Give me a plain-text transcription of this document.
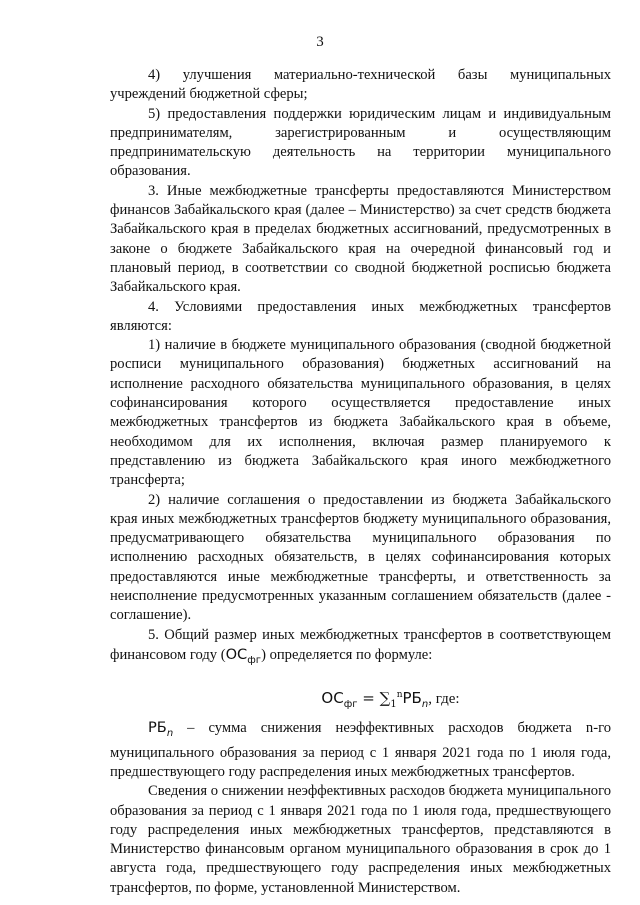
3

4) улучшения материально-технической базы муниципальных учреждений бюджетной сферы;

5) предоставления поддержки юридическим лицам и индивидуальным предпринимателям, зарегистрированным и осуществляющим предпринимательскую деятельность на территории муниципального образования.

3. Иные межбюджетные трансферты предоставляются Министерством финансов Забайкальского края (далее – Министерство) за счет средств бюджета Забайкальского края в пределах бюджетных ассигнований, предусмотренных в законе о бюджете Забайкальского края на очередной финансовый год и плановый период, в соответствии со сводной бюджетной росписью бюджета Забайкальского края.

4. Условиями предоставления иных межбюджетных трансфертов являются:

1) наличие в бюджете муниципального образования (сводной бюджетной росписи муниципального образования) бюджетных ассигнований на исполнение расходного обязательства муниципального образования, в целях софинансирования которого осуществляется предоставление иных межбюджетных трансфертов из бюджета Забайкальского края в объеме, необходимом для их исполнения, включая размер планируемого к представлению из бюджета Забайкальского края иного межбюджетного трансферта;

2) наличие соглашения о предоставлении из бюджета Забайкальского края иных межбюджетных трансфертов бюджету муниципального образования, предусматривающего обязательства муниципального образования по исполнению расходных обязательств, в целях софинансирования которых предоставляются иные межбюджетные трансферты, и ответственность за неисполнение предусмотренных указанным соглашением обязательств (далее - соглашение).

5. Общий размер иных межбюджетных трансфертов в соответствующем финансовом году $(ОС_{фг})$ определяется по формуле:

$ОС_{фг} = \sum_1^nРБ_n$, где:

$РБ_n$ – сумма снижения неэффективных расходов бюджета n-го муниципального образования за период с 1 января 2021 года по 1 июля года, предшествующего году распределения иных межбюджетных трансфертов.

Сведения о снижении неэффективных расходов бюджета муниципального образования за период с 1 января 2021 года по 1 июля года, предшествующего году распределения иных межбюджетных трансфертов, представляются в Министерство финансовым органом муниципального образования в срок до 1 августа года, предшествующего году распределения иных межбюджетных трансфертов, по форме, установленной Министерством.
